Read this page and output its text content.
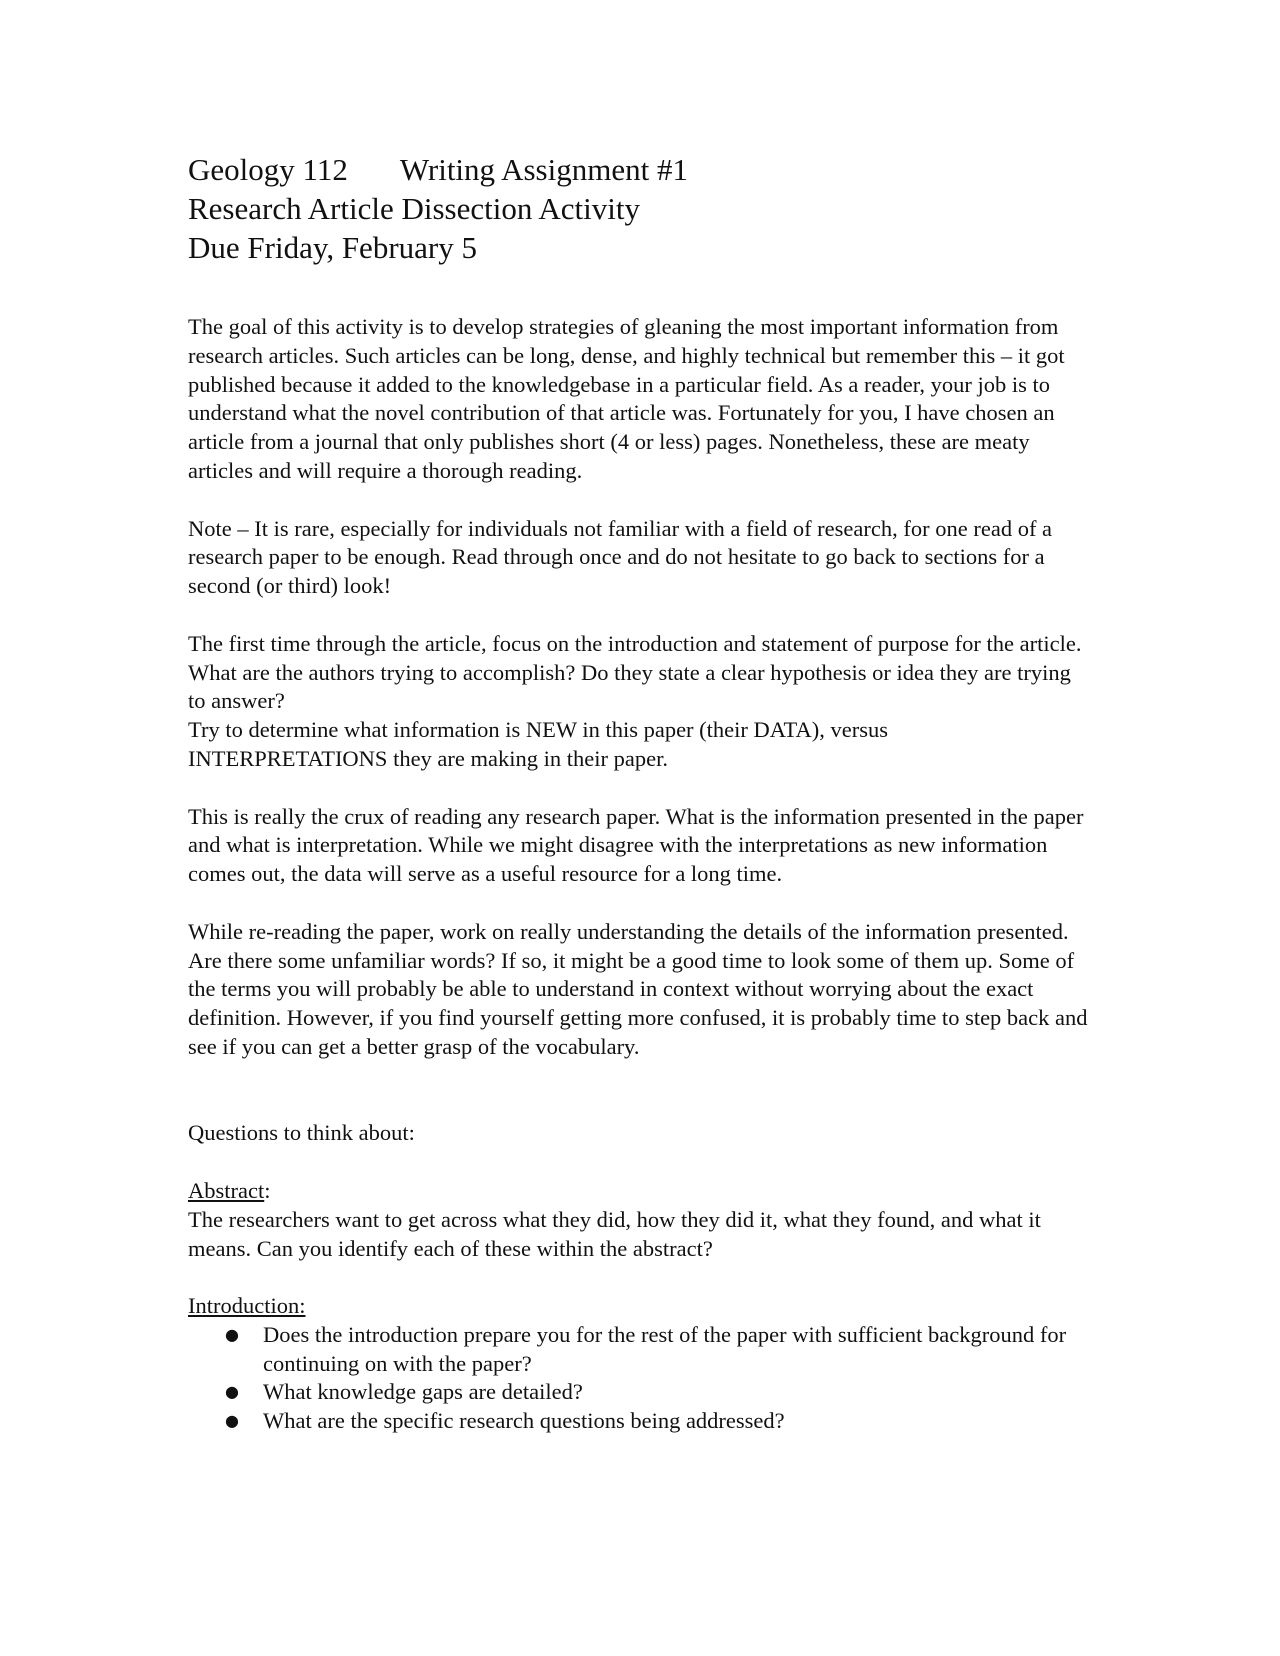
Geology 112 Writing Assignment #1
Research Article Dissection Activity
Due Friday, February 5

The goal of this activity is to develop strategies of gleaning the most important information from research articles. Such articles can be long, dense, and highly technical but remember this – it got published because it added to the knowledgebase in a particular field. As a reader, your job is to understand what the novel contribution of that article was. Fortunately for you, I have chosen an article from a journal that only publishes short (4 or less) pages. Nonetheless, these are meaty articles and will require a thorough reading.

Note – It is rare, especially for individuals not familiar with a field of research, for one read of a research paper to be enough. Read through once and do not hesitate to go back to sections for a second (or third) look!

The first time through the article, focus on the introduction and statement of purpose for the article. What are the authors trying to accomplish? Do they state a clear hypothesis or idea they are trying to answer?

Try to determine what information is NEW in this paper (their DATA), versus INTERPRETATIONS they are making in their paper.

This is really the crux of reading any research paper. What is the information presented in the paper and what is interpretation. While we might disagree with the interpretations as new information comes out, the data will serve as a useful resource for a long time.

While re-reading the paper, work on really understanding the details of the information presented. Are there some unfamiliar words? If so, it might be a good time to look some of them up. Some of the terms you will probably be able to understand in context without worrying about the exact definition. However, if you find yourself getting more confused, it is probably time to step back and see if you can get a better grasp of the vocabulary.

Questions to think about:

Abstract:

The researchers want to get across what they did, how they did it, what they found, and what it means. Can you identify each of these within the abstract?

Introduction:

● Does the introduction prepare you for the rest of the paper with sufficient background for continuing on with the paper?
● What knowledge gaps are detailed?
● What are the specific research questions being addressed?
